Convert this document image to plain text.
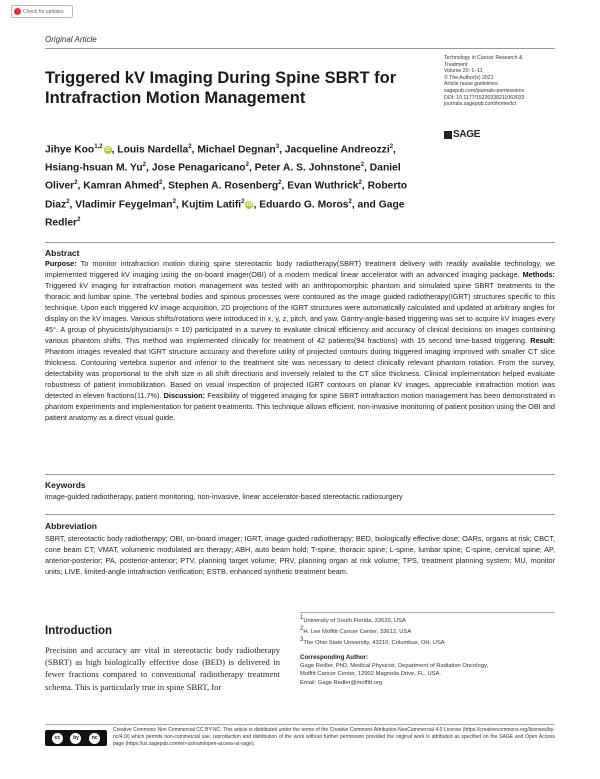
Check for updates
Original Article
Triggered kV Imaging During Spine SBRT for Intrafraction Motion Management
Technology in Cancer Research &
Treatment
Volume 20: 1–11
© The Author(s) 2021
Article reuse guidelines:
sagepub.com/journals-permissions
DOI: 10.1177/15330338211063033
journals.sagepub.com/home/tct
SAGE
Jihye Koo$^{1,2}$iD , Louis Nardella$^2$, Michael Degnan$^3$, Jacqueline Andreozzi$^2$, Hsiang-hsuan M. Yu$^2$, Jose Penagaricano$^2$, Peter A. S. Johnstone$^2$, Daniel Oliver$^2$, Kamran Ahmed$^2$, Stephen A. Rosenberg$^2$, Evan Wuthrick$^2$, Roberto Diaz$^2$, Vladimir Feygelman$^2$, Kujtim Latifi$^2$iD , Eduardo G. Moros$^2$, and Gage Redler$^2$
Abstract
Purpose: To monitor intrafraction motion during spine stereotactic body radiotherapy(SBRT) treatment delivery with readily available technology, we implemented triggered kV imaging using the on-board imager(OBI) of a modern medical linear accelerator with an advanced imaging package. Methods: Triggered kV imaging for intrafraction motion management was tested with an anthropomorphic phantom and simulated spine SBRT treatments to the thoracic and lumbar spine. The vertebral bodies and spinous processes were contoured as the image guided radiotherapy(IGRT) structures specific to this technique. Upon each triggered kV image acquisition, 2D projections of the IGRT structures were automatically calculated and updated at arbitrary angles for display on the kV images. Various shifts/rotations were introduced in x, y, z, pitch, and yaw. Gantry-angle-based triggering was set to acquire kV images every 45°. A group of physicists/physicians(n = 10) participated in a survey to evaluate clinical efficiency and accuracy of clinical decisions on images containing various phantom shifts. This method was implemented clinically for treatment of 42 patients(94 fractions) with 15 second time-based triggering. Result: Phantom images revealed that IGRT structure accuracy and therefore utility of projected contours during triggered imaging improved with smaller CT slice thickness. Contouring vertebra superior and inferior to the treatment site was necessary to detect clinically relevant phantom rotation. From the survey, detectability was proportional to the shift size in all shift directions and inversely related to the CT slice thickness. Clinical implementation helped evaluate robustness of patient immobilization. Based on visual inspection of projected IGRT contours on planar kV images, appreciable intrafraction motion was detected in eleven fractions(11.7%). Discussion: Feasibility of triggered imaging for spine SBRT intrafraction motion management has been demonstrated in phantom experiments and implementation for patient treatments. This technique allows efficient, non-invasive monitoring of patient position using the OBI and patient anatomy as a direct visual guide.
Keywords
image-guided radiotherapy, patient monitoring, non-invasive, linear accelerator-based stereotactic radiosurgery
Abbreviation
SBRT, stereotactic body radiotherapy; OBI, on-board imager; IGRT, image guided radiotherapy; BED, biologically effective dose; OARs, organs at risk; CBCT, cone beam CT; VMAT, volumetric modulated arc therapy; ABH, auto beam hold; T-spine, thoracic spine; L-spine, lumbar spine; C-spine, cervical spine; AP, anterior-posterior; PA, posterior-anterior; PTV, planning target volume; PRV, planning organ at risk volume; TPS, treatment planning system; MU, monitor units; LIVE, limited-angle intrafraction verification; ESTB, enhanced synthetic treatment beam.
Introduction
Precision and accuracy are vital in stereotactic body radiotherapy (SBRT) as high biologically effective dose (BED) is delivered in fewer fractions compared to conventional radiotherapy treatment schema. This is particularly true in spine SBRT, for
$^1$University of South Florida, 33620, USA
$^2$H. Lee Moffitt Cancer Center, 33612, USA
$^3$The Ohio State University, 43210, Columbus, OH, USA
Corresponding Author:
Gage Redler, PhD, Medical Physicist, Department of Radiation Oncology,
Moffitt Cancer Center, 12902 Magnolia Drive, FL, USA.
Email: Gage.Redler@moffitt.org
cc	by	nc
Creative Commons Non Commercial CC BY-NC: This article is distributed under the terms of the Creative Commons Attribution-NonCommercial 4.0 License (https://creativecommons.org/licenses/by-nc/4.0/) which permits non-commercial use, reproduction and distribution of the work without further permission provided the original work is attributed as specified on the SAGE and Open Access page (https://us.sagepub.com/en-us/nam/open-access-at-sage).
